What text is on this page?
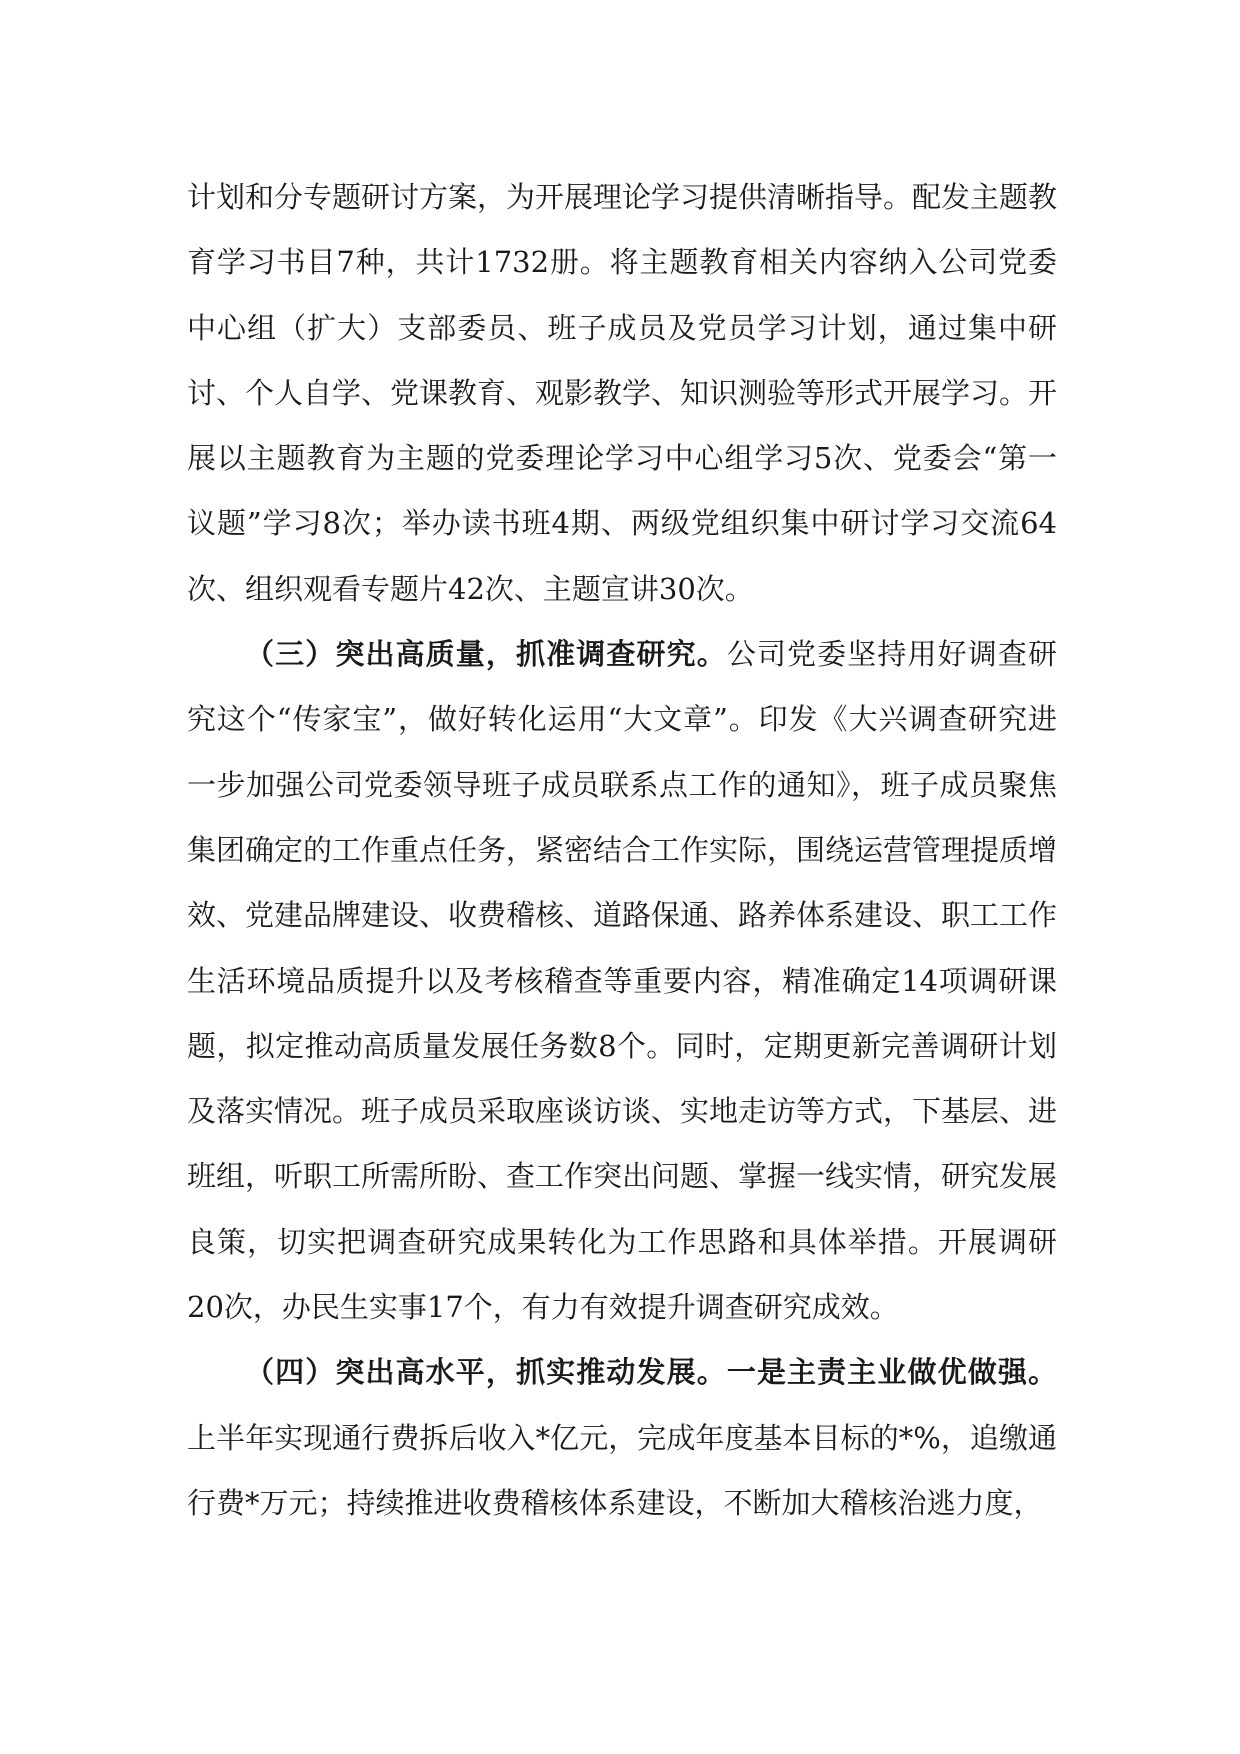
计划和分专题研讨方案，为开展理论学习提供清晰指导。配发主题教育学习书目7种，共计1732册。将主题教育相关内容纳入公司党委中心组（扩大）支部委员、班子成员及党员学习计划，通过集中研讨、个人自学、党课教育、观影教学、知识测验等形式开展学习。开展以主题教育为主题的党委理论学习中心组学习5次、党委会“第一议题”学习8次；举办读书班4期、两级党组织集中研讨学习交流64次、组织观看专题片42次、主题宣讲30次。

（三）突出高质量，抓准调查研究。公司党委坚持用好调查研究这个“传家宝”，做好转化运用“大文章”。印发《大兴调查研究进一步加强公司党委领导班子成员联系点工作的通知》，班子成员聚焦集团确定的工作重点任务，紧密结合工作实际，围绕运营管理提质增效、党建品牌建设、收费稽核、道路保通、路养体系建设、职工工作生活环境品质提升以及考核稽查等重要内容，精准确定14项调研课题，拟定推动高质量发展任务数8个。同时，定期更新完善调研计划及落实情况。班子成员采取座谈访谈、实地走访等方式，下基层、进班组，听职工所需所盼、查工作突出问题、掌握一线实情，研究发展良策，切实把调查研究成果转化为工作思路和具体举措。开展调研20次，办民生实事17个，有力有效提升调查研究成效。

（四）突出高水平，抓实推动发展。一是主责主业做优做强。上半年实现通行费拆后收入*亿元，完成年度基本目标的*%，追缴通行费*万元；持续推进收费稽核体系建设，不断加大稽核治逃力度，
